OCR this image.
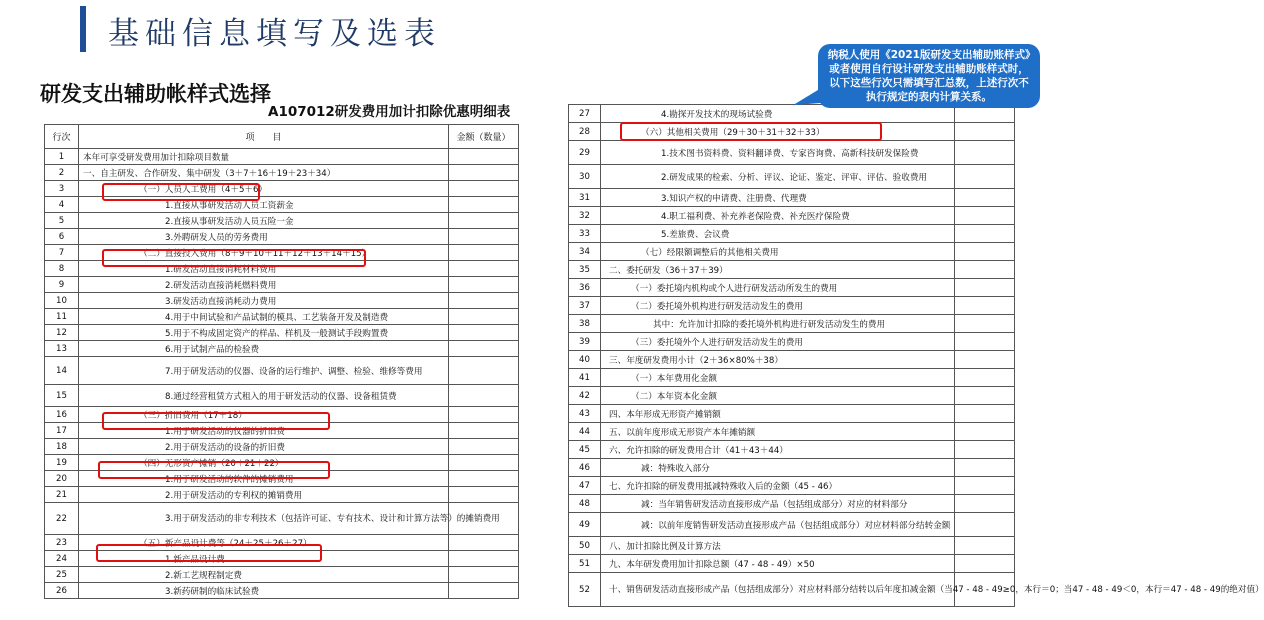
基础信息填写及选表
研发支出辅助帐样式选择
A107012研发费用加计扣除优惠明细表
行次	项　　目	金额（数量）
1	本年可享受研发费用加计扣除项目数量	
2	一、自主研发、合作研发、集中研发（3＋7＋16＋19＋23＋34）	
3	（一）人员人工费用（4＋5＋6）	
4	1.直接从事研发活动人员工资薪金	
5	2.直接从事研发活动人员五险一金	
6	3.外聘研发人员的劳务费用	
7	（二）直接投入费用（8＋9＋10＋11＋12＋13＋14＋15）	
8	1.研发活动直接消耗材料费用	
9	2.研发活动直接消耗燃料费用	
10	3.研发活动直接消耗动力费用	
11	4.用于中间试验和产品试制的模具、工艺装备开发及制造费	
12	5.用于不构成固定资产的样品、样机及一般测试手段购置费	
13	6.用于试制产品的检验费	
14	7.用于研发活动的仪器、设备的运行维护、调整、检验、维修等费用	
15	8.通过经营租赁方式租入的用于研发活动的仪器、设备租赁费	
16	（三）折旧费用（17＋18）	
17	1.用于研发活动的仪器的折旧费	
18	2.用于研发活动的设备的折旧费	
19	（四）无形资产摊销（20＋21＋22）	
20	1.用于研发活动的软件的摊销费用	
21	2.用于研发活动的专利权的摊销费用	
22	3.用于研发活动的非专利技术（包括许可证、专有技术、设计和计算方法等）的摊销费用	
23	（五）新产品设计费等（24＋25＋26＋27）	
24	1.新产品设计费	
25	2.新工艺规程制定费	
26	3.新药研制的临床试验费	
27	4.勘探开发技术的现场试验费	
28	（六）其他相关费用（29＋30＋31＋32＋33）	
29	1.技术图书资料费、资料翻译费、专家咨询费、高新科技研发保险费	
30	2.研发成果的检索、分析、评议、论证、鉴定、评审、评估、验收费用	
31	3.知识产权的申请费、注册费、代理费	
32	4.职工福利费、补充养老保险费、补充医疗保险费	
33	5.差旅费、会议费	
34	（七）经限额调整后的其他相关费用	
35	二、委托研发（36＋37＋39）	
36	（一）委托境内机构或个人进行研发活动所发生的费用	
37	（二）委托境外机构进行研发活动发生的费用	
38	其中：允许加计扣除的委托境外机构进行研发活动发生的费用	
39	（三）委托境外个人进行研发活动发生的费用	
40	三、年度研发费用小计（2＋36×80%＋38）	
41	（一）本年费用化金额	
42	（二）本年资本化金额	
43	四、本年形成无形资产摊销额	
44	五、以前年度形成无形资产本年摊销额	
45	六、允许扣除的研发费用合计（41＋43＋44）	
46	减：特殊收入部分	
47	七、允许扣除的研发费用抵减特殊收入后的金额（45 - 46）	
48	减：当年销售研发活动直接形成产品（包括组成部分）对应的材料部分	
49	减：以前年度销售研发活动直接形成产品（包括组成部分）对应材料部分结转金额	
50	八、加计扣除比例及计算方法	
51	九、本年研发费用加计扣除总额（47 - 48 - 49）×50	
52	十、销售研发活动直接形成产品（包括组成部分）对应材料部分结转以后年度扣减金额（当47 - 48 - 49≥0，本行＝0；当47 - 48 - 49＜0，本行＝47 - 48 - 49的绝对值）	
纳税人使用《2021版研发支出辅助账样式》或者使用自行设计研发支出辅助账样式时，以下这些行次只需填写汇总数，上述行次不执行规定的表内计算关系。
